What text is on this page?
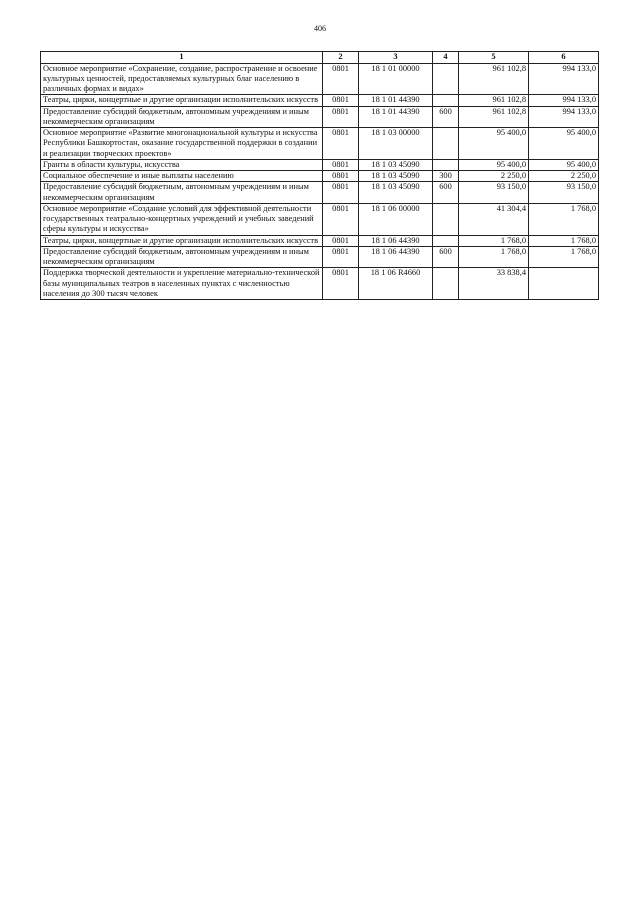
406
1	2	3	4	5	6
Основное мероприятие «Сохранение, создание, распространение и освоение культурных ценностей, предоставляемых культурных благ населению в различных формах и видах»	0801	18 1 01 00000		961 102,8	994 133,0
Театры, цирки, концертные и другие организации исполнительских искусств	0801	18 1 01 44390		961 102,8	994 133,0
Предоставление субсидий бюджетным, автономным учреждениям и иным некоммерческим организациям	0801	18 1 01 44390	600	961 102,8	994 133,0
Основное мероприятие «Развитие многонациональной культуры и искусства Республики Башкортостан, оказание государственной поддержки в создании и реализации творческих проектов»	0801	18 1 03 00000		95 400,0	95 400,0
Гранты в области культуры, искусства	0801	18 1 03 45090		95 400,0	95 400,0
Социальное обеспечение и иные выплаты населению	0801	18 1 03 45090	300	2 250,0	2 250,0
Предоставление субсидий бюджетным, автономным учреждениям и иным некоммерческим организациям	0801	18 1 03 45090	600	93 150,0	93 150,0
Основное мероприятие «Создание условий для эффективной деятельности государственных театрально-концертных учреждений и учебных заведений сферы культуры и искусства»	0801	18 1 06 00000		41 304,4	1 768,0
Театры, цирки, концертные и другие организации исполнительских искусств	0801	18 1 06 44390		1 768,0	1 768,0
Предоставление субсидий бюджетным, автономным учреждениям и иным некоммерческим организациям	0801	18 1 06 44390	600	1 768,0	1 768,0
Поддержка творческой деятельности и укрепление материально-технической базы муниципальных театров в населенных пунктах с численностью населения до 300 тысяч человек	0801	18 1 06 R4660		33 838,4	
